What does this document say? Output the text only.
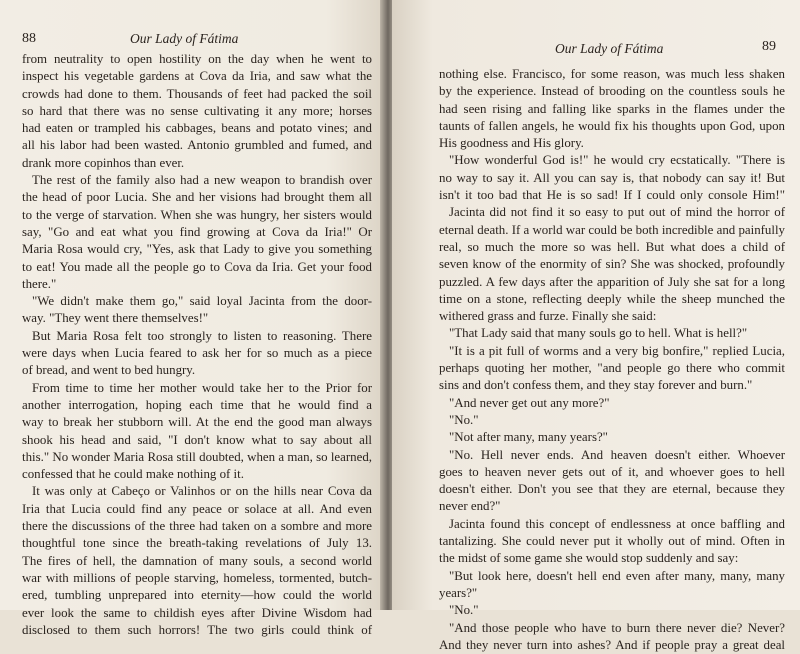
88	Our Lady of Fátima
from neutrality to open hostility on the day when he went to
inspect his vegetable gardens at Cova da Iria, and saw what the
crowds had done to them. Thousands of feet had packed the soil
so hard that there was no sense cultivating it any more; horses
had eaten or trampled his cabbages, beans and potato vines; and
all his labor had been wasted. Antonio grumbled and fumed, and
drank more copinhos than ever.
The rest of the family also had a new weapon to brandish over
the head of poor Lucia. She and her visions had brought them all
to the verge of starvation. When she was hungry, her sisters would
say, "Go and eat what you find growing at Cova da Iria!" Or
Maria Rosa would cry, "Yes, ask that Lady to give you something
to eat! You made all the people go to Cova da Iria. Get your food
there."
"We didn't make them go," said loyal Jacinta from the door-
way. "They went there themselves!"
But Maria Rosa felt too strongly to listen to reasoning. There
were days when Lucia feared to ask her for so much as a piece
of bread, and went to bed hungry.
From time to time her mother would take her to the Prior for
another interrogation, hoping each time that he would find a
way to break her stubborn will. At the end the good man always
shook his head and said, "I don't know what to say about all
this." No wonder Maria Rosa still doubted, when a man, so learned,
confessed that he could make nothing of it.
It was only at Cabeço or Valinhos or on the hills near Cova da
Iria that Lucia could find any peace or solace at all. And even
there the discussions of the three had taken on a sombre and more
thoughtful tone since the breath-taking revelations of July 13.
The fires of hell, the damnation of many souls, a second world
war with millions of people starving, homeless, tormented, butch-
ered, tumbling unprepared into eternity—how could the world
ever look the same to childish eyes after Divine Wisdom had
disclosed to them such horrors! The two girls could think of
Our Lady of Fátima	89
nothing else. Francisco, for some reason, was much less shaken
by the experience. Instead of brooding on the countless souls he
had seen rising and falling like sparks in the flames under the
taunts of fallen angels, he would fix his thoughts upon God, upon
His goodness and His glory.
"How wonderful God is!" he would cry ecstatically. "There is
no way to say it. All you can say is, that nobody can say it! But
isn't it too bad that He is so sad! If I could only console Him!"
Jacinta did not find it so easy to put out of mind the horror of
eternal death. If a world war could be both incredible and painfully
real, so much the more so was hell. But what does a child of
seven know of the enormity of sin? She was shocked, profoundly
puzzled. A few days after the apparition of July she sat for a long
time on a stone, reflecting deeply while the sheep munched the
withered grass and furze. Finally she said:
"That Lady said that many souls go to hell. What is hell?"
"It is a pit full of worms and a very big bonfire," replied Lucia,
perhaps quoting her mother, "and people go there who commit
sins and don't confess them, and they stay forever and burn."
"And never get out any more?"
"No."
"Not after many, many years?"
"No. Hell never ends. And heaven doesn't either. Whoever
goes to heaven never gets out of it, and whoever goes to hell
doesn't either. Don't you see that they are eternal, because they
never end?"
Jacinta found this concept of endlessness at once baffling and
tantalizing. She could never put it wholly out of mind. Often in
the midst of some game she would stop suddenly and say:
"But look here, doesn't hell end even after many, many, many
years?"
"No."
"And those people who have to burn there never die? Never?
And they never turn into ashes? And if people pray a great deal
